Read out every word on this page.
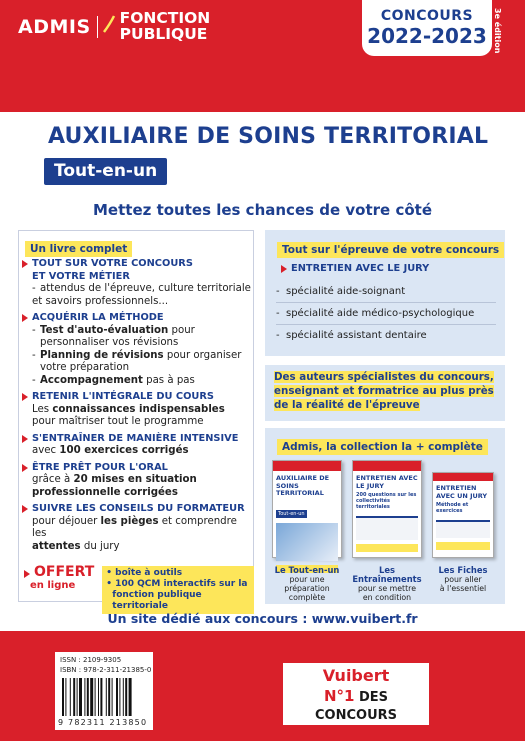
ADMIS	FONCTION
PUBLIQUE
CONCOURS
2022-2023 3e édition
AUXILIAIRE DE SOINS TERRITORIAL
Tout-en-un
Mettez toutes les chances de votre côté
Un livre complet
TOUT SUR VOTRE CONCOURS
ET VOTRE MÉTIER
- attendus de l'épreuve, culture territoriale
et savoirs professionnels...
ACQUÉRIR LA MÉTHODE
- Test d'auto-évaluation pour
personnaliser vos révisions
- Planning de révisions pour organiser
votre préparation
- Accompagnement pas à pas
RETENIR L'INTÉGRALE DU COURS
Les connaissances indispensables
pour maîtriser tout le programme
S'ENTRAÎNER DE MANIÈRE INTENSIVE
avec 100 exercices corrigés
ÊTRE PRÊT POUR L'ORAL
grâce à 20 mises en situation
professionnelle corrigées
SUIVRE LES CONSEILS DU FORMATEUR
pour déjouer les pièges et comprendre les
attentes du jury
OFFERT
en ligne
• boîte à outils
• 100 QCM interactifs sur la
fonction publique territoriale
Tout sur l'épreuve de votre concours
ENTRETIEN AVEC LE JURY
- spécialité aide-soignant
- spécialité aide médico-psychologique
- spécialité assistant dentaire
Des auteurs spécialistes du concours,
enseignant et formatrice au plus près
de la réalité de l'épreuve
Admis, la collection la + complète
AUXILIAIRE DE SOINS TERRITORIAL
Tout-en-un
ENTRETIEN AVEC LE JURY
200 questions sur les collectivités territoriales
ENTRETIEN AVEC UN JURY
Méthode et exercices
Le Tout-en-un
pour une préparation
complète
Les Entraînements
pour se mettre
en condition
Les Fiches
pour aller
à l'essentiel
Un site dédié aux concours : www.vuibert.fr
ISSN : 2109-9305
ISBN : 978-2-311-21385-0
9 782311 213850
Vuibert
N°1 DES CONCOURS
